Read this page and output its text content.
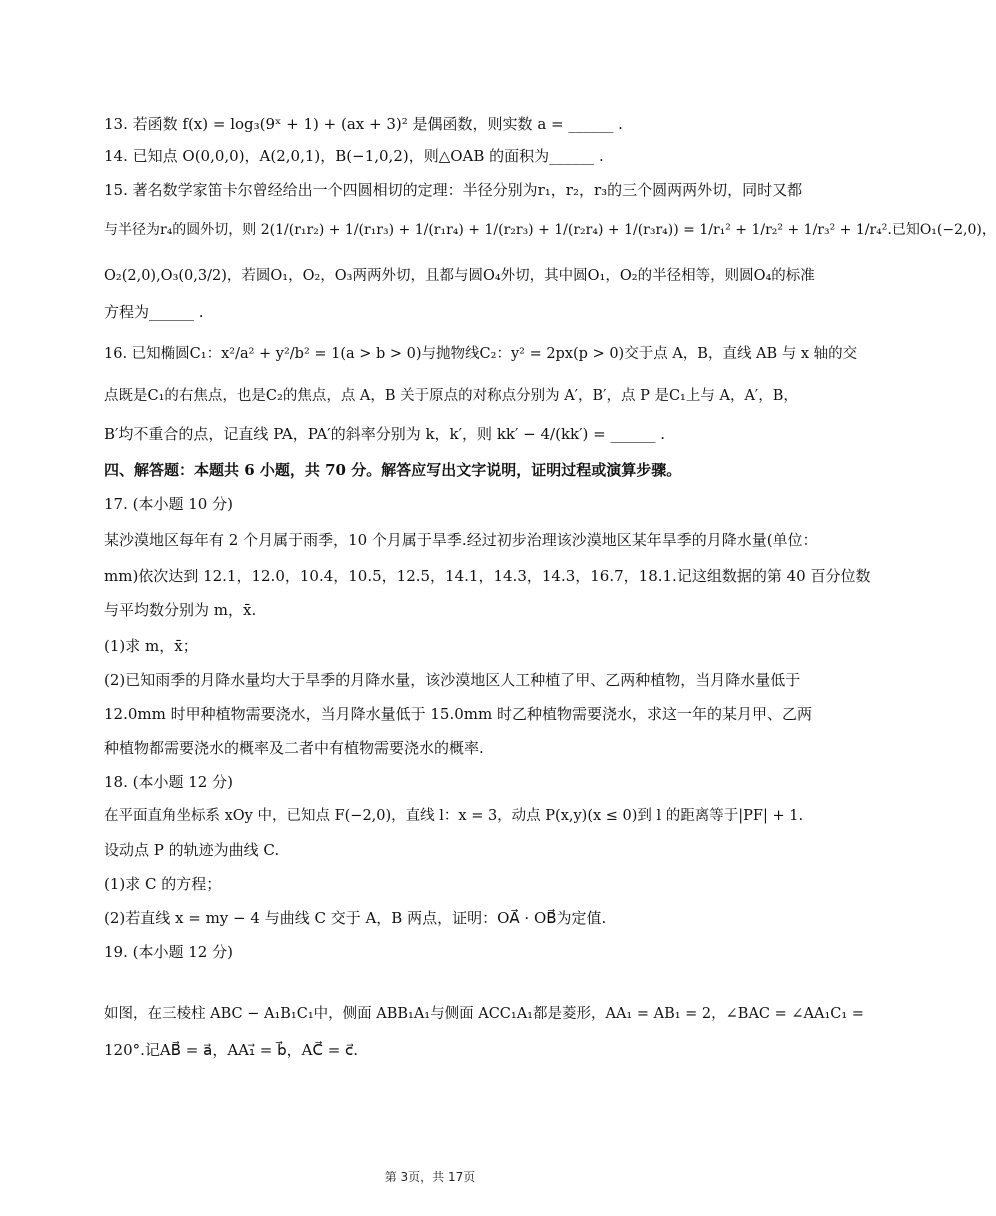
13. 若函数 f(x) = log₃(9ˣ + 1) + (ax + 3)² 是偶函数，则实数 a = ______ .
14. 已知点 O(0,0,0)，A(2,0,1)，B(−1,0,2)，则△OAB 的面积为______ .
15. 著名数学家笛卡尔曾经给出一个四圆相切的定理：半径分别为r₁，r₂，r₃的三个圆两两外切，同时又都
与半径为r₄的圆外切，则 2(1/(r₁r₂) + 1/(r₁r₃) + 1/(r₁r₄) + 1/(r₂r₃) + 1/(r₂r₄) + 1/(r₃r₄)) = 1/r₁² + 1/r₂² + 1/r₃² + 1/r₄².已知O₁(−2,0)，
O₂(2,0),O₃(0,3/2)，若圆O₁，O₂，O₃两两外切，且都与圆O₄外切，其中圆O₁，O₂的半径相等，则圆O₄的标准
方程为______ .
16. 已知椭圆C₁：x²/a² + y²/b² = 1(a > b > 0)与抛物线C₂：y² = 2px(p > 0)交于点 A，B，直线 AB 与 x 轴的交
点既是C₁的右焦点，也是C₂的焦点，点 A，B 关于原点的对称点分别为 A′，B′，点 P 是C₁上与 A，A′，B，
B′均不重合的点，记直线 PA，PA′的斜率分别为 k，k′，则 kk′ − 4/(kk′) = ______ .
四、解答题：本题共 6 小题，共 70 分。解答应写出文字说明，证明过程或演算步骤。
17. (本小题 10 分)
某沙漠地区每年有 2 个月属于雨季，10 个月属于旱季.经过初步治理该沙漠地区某年旱季的月降水量(单位：
mm)依次达到 12.1，12.0，10.4，10.5，12.5，14.1，14.3，14.3，16.7，18.1.记这组数据的第 40 百分位数
与平均数分别为 m，x̄.
(1)求 m，x̄；
(2)已知雨季的月降水量均大于旱季的月降水量，该沙漠地区人工种植了甲、乙两种植物，当月降水量低于
12.0mm 时甲种植物需要浇水，当月降水量低于 15.0mm 时乙种植物需要浇水，求这一年的某月甲、乙两
种植物都需要浇水的概率及二者中有植物需要浇水的概率.
18. (本小题 12 分)
在平面直角坐标系 xOy 中，已知点 F(−2,0)，直线 l：x = 3，动点 P(x,y)(x ≤ 0)到 l 的距离等于|PF| + 1.
设动点 P 的轨迹为曲线 C.
(1)求 C 的方程；
(2)若直线 x = my − 4 与曲线 C 交于 A，B 两点，证明：OA⃗ · OB⃗为定值.
19. (本小题 12 分)
如图，在三棱柱 ABC − A₁B₁C₁中，侧面 ABB₁A₁与侧面 ACC₁A₁都是菱形，AA₁ = AB₁ = 2，∠BAC = ∠AA₁C₁ =
120°.记AB⃗ = a⃗，AA₁⃗ = b⃗，AC⃗ = c⃗.
第 3页，共 17页
